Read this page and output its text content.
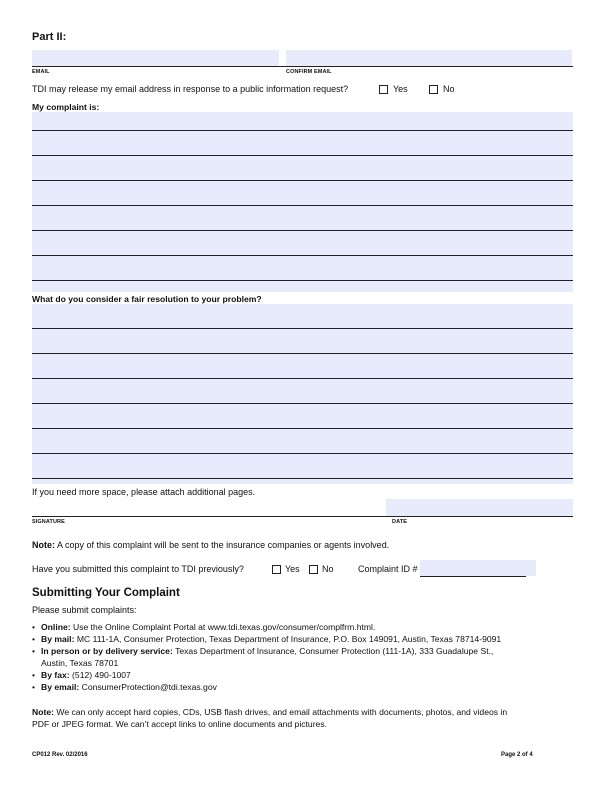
Part II:
EMAIL	CONFIRM EMAIL
TDI may release my email address in response to a public information request?	Yes	No
My complaint is:
What do you consider a fair resolution to your problem?
If you need more space, please attach additional pages.
SIGNATURE	DATE
Note: A copy of this complaint will be sent to the insurance companies or agents involved.
Have you submitted this complaint to TDI previously?	Yes No	Complaint ID #
Submitting Your Complaint
Please submit complaints:
• Online: Use the Online Complaint Portal at www.tdi.texas.gov/consumer/complfrm.html.
• By mail: MC 111-1A, Consumer Protection, Texas Department of Insurance, P.O. Box 149091, Austin, Texas 78714-9091
• In person or by delivery service: Texas Department of Insurance, Consumer Protection (111-1A), 333 Guadalupe St.,
Austin, Texas 78701
• By fax: (512) 490-1007
• By email: ConsumerProtection@tdi.texas.gov
Note: We can only accept hard copies, CDs, USB flash drives, and email attachments with documents, photos, and videos in
PDF or JPEG format. We can’t accept links to online documents and pictures.
CP012 Rev. 02/2016	Page 2 of 4
